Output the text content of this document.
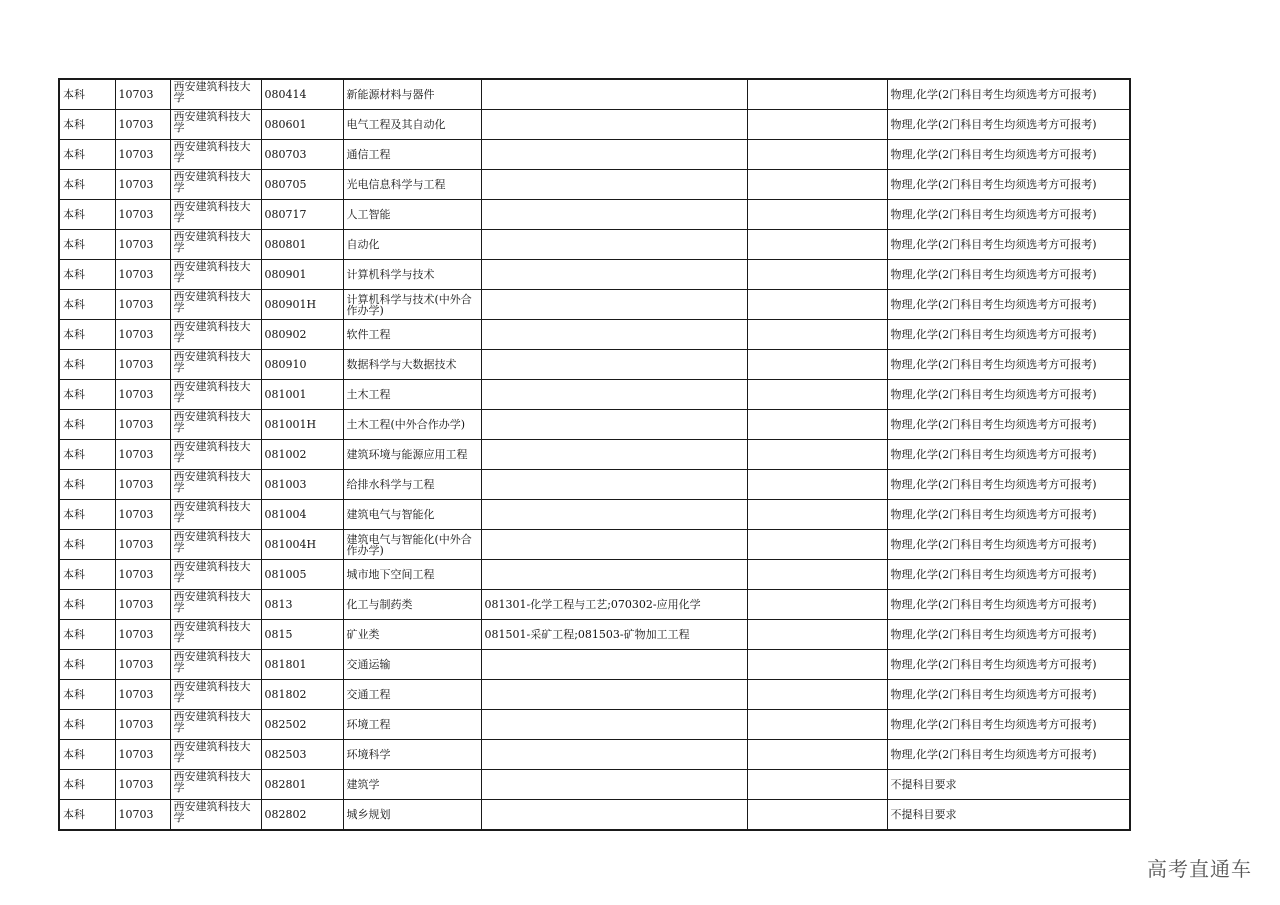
本科	10703	西安建筑科技大学	080414	新能源材料与器件			物理,化学(2门科目考生均须选考方可报考)
本科	10703	西安建筑科技大学	080601	电气工程及其自动化			物理,化学(2门科目考生均须选考方可报考)
本科	10703	西安建筑科技大学	080703	通信工程			物理,化学(2门科目考生均须选考方可报考)
本科	10703	西安建筑科技大学	080705	光电信息科学与工程			物理,化学(2门科目考生均须选考方可报考)
本科	10703	西安建筑科技大学	080717	人工智能			物理,化学(2门科目考生均须选考方可报考)
本科	10703	西安建筑科技大学	080801	自动化			物理,化学(2门科目考生均须选考方可报考)
本科	10703	西安建筑科技大学	080901	计算机科学与技术			物理,化学(2门科目考生均须选考方可报考)
本科	10703	西安建筑科技大学	080901H	计算机科学与技术(中外合作办学)			物理,化学(2门科目考生均须选考方可报考)
本科	10703	西安建筑科技大学	080902	软件工程			物理,化学(2门科目考生均须选考方可报考)
本科	10703	西安建筑科技大学	080910	数据科学与大数据技术			物理,化学(2门科目考生均须选考方可报考)
本科	10703	西安建筑科技大学	081001	土木工程			物理,化学(2门科目考生均须选考方可报考)
本科	10703	西安建筑科技大学	081001H	土木工程(中外合作办学)			物理,化学(2门科目考生均须选考方可报考)
本科	10703	西安建筑科技大学	081002	建筑环境与能源应用工程			物理,化学(2门科目考生均须选考方可报考)
本科	10703	西安建筑科技大学	081003	给排水科学与工程			物理,化学(2门科目考生均须选考方可报考)
本科	10703	西安建筑科技大学	081004	建筑电气与智能化			物理,化学(2门科目考生均须选考方可报考)
本科	10703	西安建筑科技大学	081004H	建筑电气与智能化(中外合作办学)			物理,化学(2门科目考生均须选考方可报考)
本科	10703	西安建筑科技大学	081005	城市地下空间工程			物理,化学(2门科目考生均须选考方可报考)
本科	10703	西安建筑科技大学	0813	化工与制药类	081301-化学工程与工艺;070302-应用化学		物理,化学(2门科目考生均须选考方可报考)
本科	10703	西安建筑科技大学	0815	矿业类	081501-采矿工程;081503-矿物加工工程		物理,化学(2门科目考生均须选考方可报考)
本科	10703	西安建筑科技大学	081801	交通运输			物理,化学(2门科目考生均须选考方可报考)
本科	10703	西安建筑科技大学	081802	交通工程			物理,化学(2门科目考生均须选考方可报考)
本科	10703	西安建筑科技大学	082502	环境工程			物理,化学(2门科目考生均须选考方可报考)
本科	10703	西安建筑科技大学	082503	环境科学			物理,化学(2门科目考生均须选考方可报考)
本科	10703	西安建筑科技大学	082801	建筑学			不提科目要求
本科	10703	西安建筑科技大学	082802	城乡规划			不提科目要求
高考直通车
